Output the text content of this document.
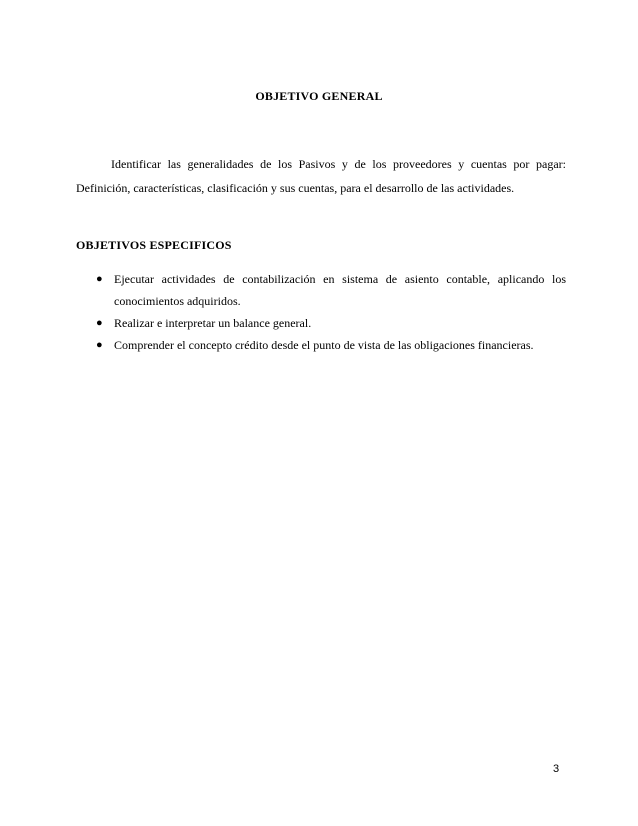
OBJETIVO GENERAL

Identificar las generalidades de los Pasivos y de los proveedores y cuentas por pagar: Definición, características, clasificación y sus cuentas, para el desarrollo de las actividades.

OBJETIVOS ESPECIFICOS
● Ejecutar actividades de contabilización en sistema de asiento contable, aplicando los conocimientos adquiridos.
● Realizar e interpretar un balance general.
● Comprender el concepto crédito desde el punto de vista de las obligaciones financieras.
3
